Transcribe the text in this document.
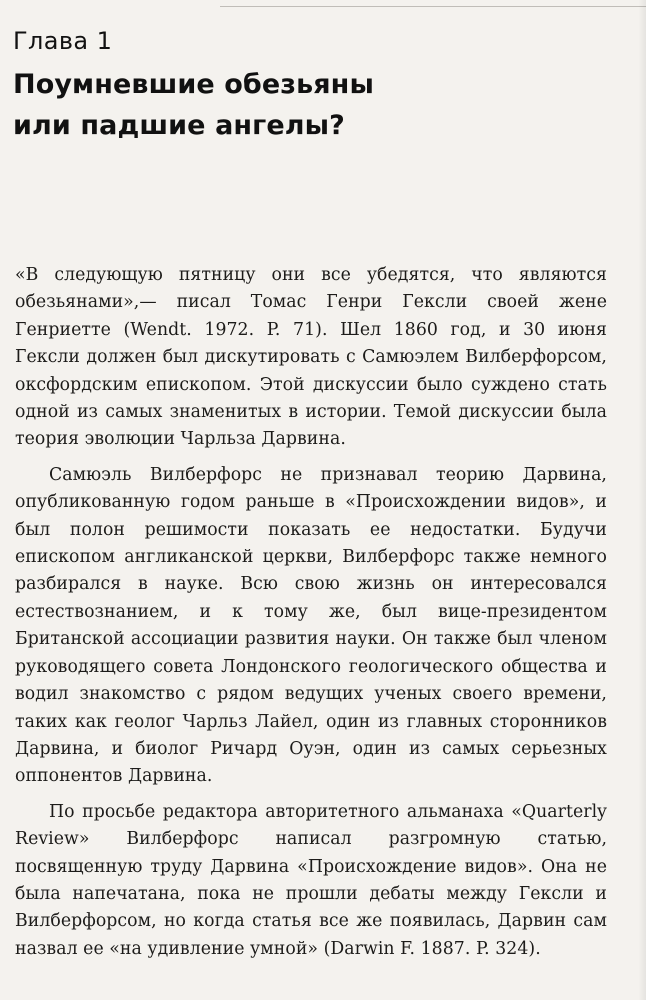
Глава 1
Поумневшие обезьяны
или падшие ангелы?

«В следующую пятницу они все убедятся, что являются обезьянами»,— писал Томас Генри Гексли своей жене Генриетте (Wendt. 1972. P. 71). Шел 1860 год, и 30 июня Гексли должен был дискутировать с Самюэлем Вилберфорсом, оксфордским епископом. Этой дискуссии было суждено стать одной из самых знаменитых в истории. Темой дискуссии была теория эволюции Чарльза Дарвина.

Самюэль Вилберфорс не признавал теорию Дарвина, опубликованную годом раньше в «Происхождении видов», и был полон решимости показать ее недостатки. Будучи епископом англиканской церкви, Вилберфорс также немного разбирался в науке. Всю свою жизнь он интересовался естествознанием, и к тому же, был вице-президентом Британской ассоциации развития науки. Он также был членом руководящего совета Лондонского геологического общества и водил знакомство с рядом ведущих ученых своего времени, таких как геолог Чарльз Лайел, один из главных сторонников Дарвина, и биолог Ричард Оуэн, один из самых серьезных оппонентов Дарвина.

По просьбе редактора авторитетного альманаха «Quarterly Review» Вилберфорс написал разгромную статью, посвященную труду Дарвина «Происхождение видов». Она не была напечатана, пока не прошли дебаты между Гексли и Вилберфорсом, но когда статья все же появилась, Дарвин сам назвал ее «на удивление умной» (Darwin F. 1887. P. 324).
